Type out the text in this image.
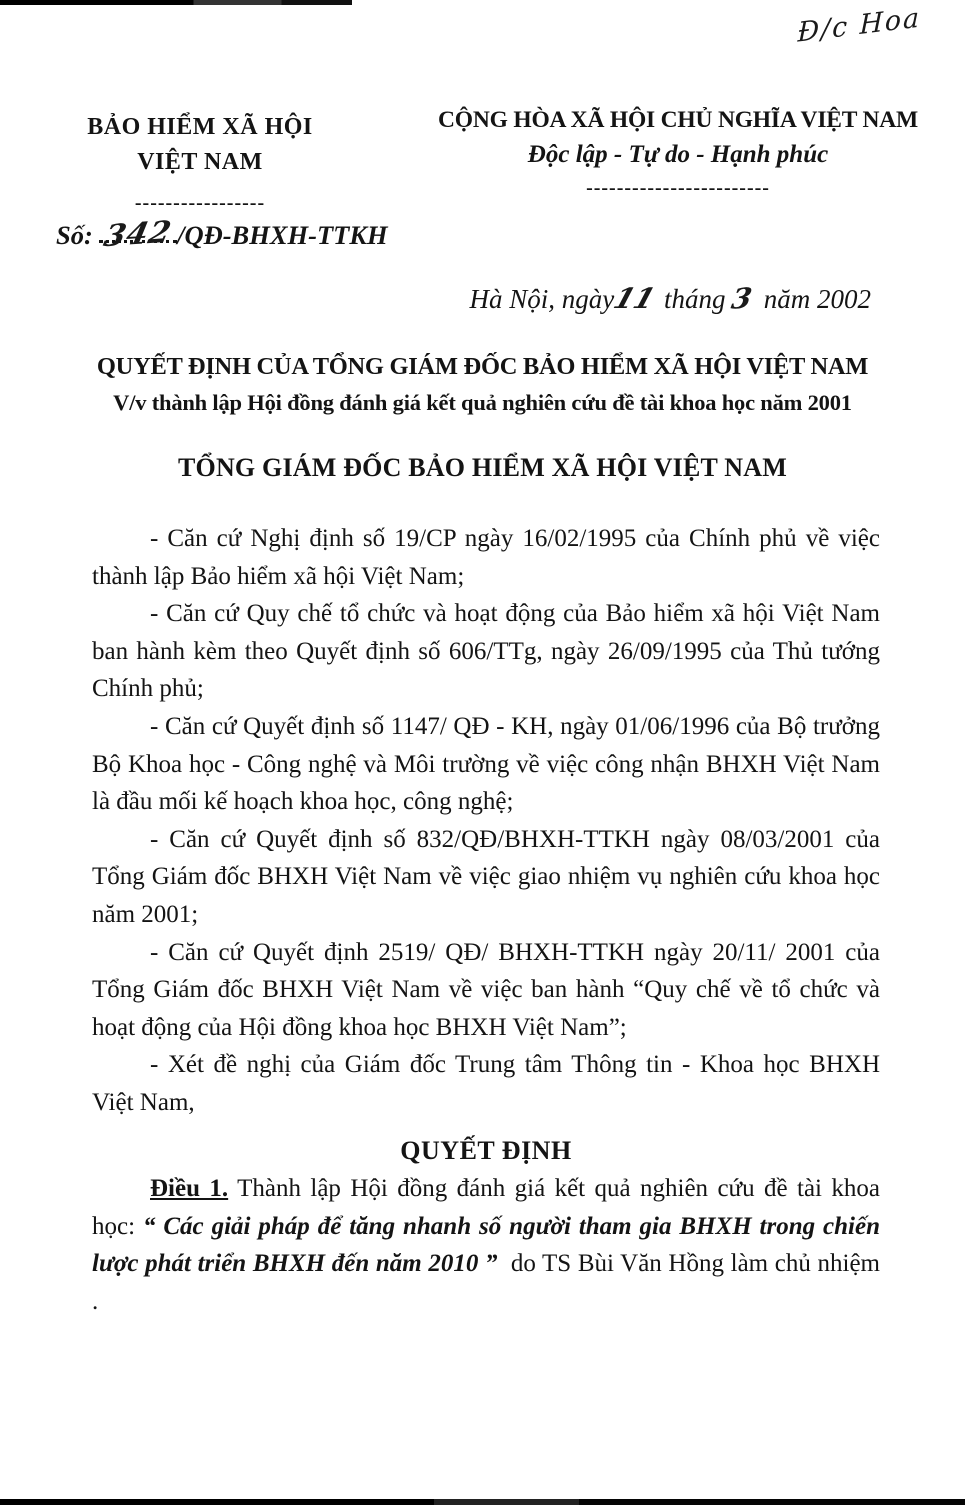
Đ/c Hoa
BẢO HIỂM XÃ HỘI
VIỆT NAM
-----------------
CỘNG HÒA XÃ HỘI CHỦ NGHĨA VIỆT NAM
Độc lập - Tự do - Hạnh phúc
------------------------
Số: 342/QĐ-BHXH-TTKH
Hà Nội, ngày11 tháng 3 năm 2002
QUYẾT ĐỊNH CỦA TỔNG GIÁM ĐỐC BẢO HIỂM XÃ HỘI VIỆT NAM
V/v thành lập Hội đồng đánh giá kết quả nghiên cứu đề tài khoa học năm 2001
TỔNG GIÁM ĐỐC BẢO HIỂM XÃ HỘI VIỆT NAM

- Căn cứ Nghị định số 19/CP ngày 16/02/1995 của Chính phủ về việc thành lập Bảo hiểm xã hội Việt Nam;

- Căn cứ Quy chế tổ chức và hoạt động của Bảo hiểm xã hội Việt Nam ban hành kèm theo Quyết định số 606/TTg, ngày 26/09/1995 của Thủ tướng Chính phủ;

- Căn cứ Quyết định số 1147/ QĐ - KH, ngày 01/06/1996 của Bộ trưởng Bộ Khoa học - Công nghệ và Môi trường về việc công nhận BHXH Việt Nam là đầu mối kế hoạch khoa học, công nghệ;

- Căn cứ Quyết định số 832/QĐ/BHXH-TTKH ngày 08/03/2001 của Tổng Giám đốc BHXH Việt Nam về việc giao nhiệm vụ nghiên cứu khoa học năm 2001;

- Căn cứ Quyết định 2519/ QĐ/ BHXH-TTKH ngày 20/11/ 2001 của Tổng Giám đốc BHXH Việt Nam về việc ban hành “Quy chế về tổ chức và hoạt động của Hội đồng khoa học BHXH Việt Nam”;

- Xét đề nghị của Giám đốc Trung tâm Thông tin - Khoa học BHXH Việt Nam,

QUYẾT ĐỊNH

Điều 1. Thành lập Hội đồng đánh giá kết quả nghiên cứu đề tài khoa học: “ Các giải pháp để tăng nhanh số người tham gia BHXH trong chiến lược phát triển BHXH đến năm 2010 ” do TS Bùi Văn Hồng làm chủ nhiệm .
